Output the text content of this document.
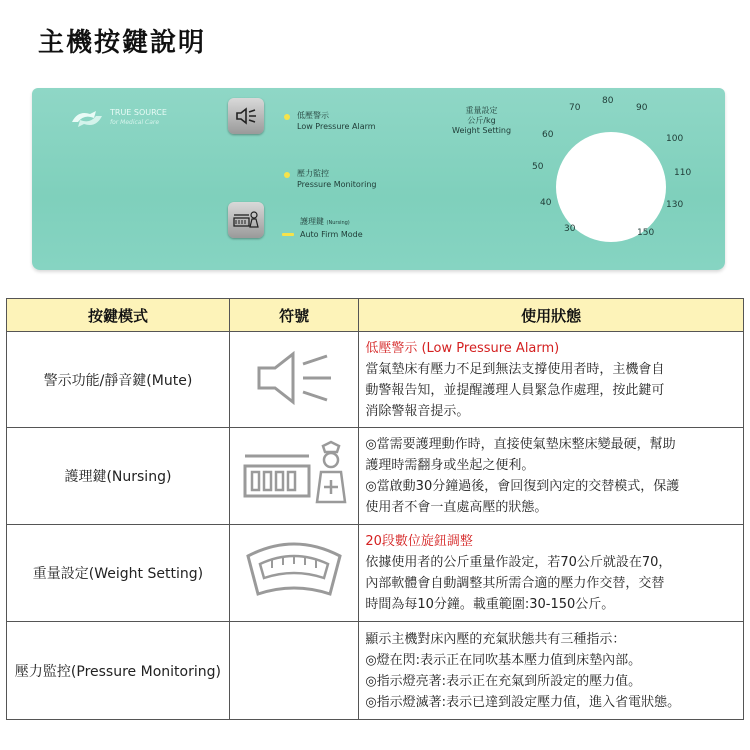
主機按鍵說明
TRUE SOURCE
for Medical Care
低壓警示
Low Pressure Alarm
壓力監控
Pressure Monitoring
護理鍵 (Nursing)
Auto Firm Mode
重量設定
公斤/kg
Weight Setting
30
40
50
60
70
80
90
100
110
130
150
按鍵模式	符號	使用狀態
警示功能/靜音鍵(Mute)		低壓警示 (Low Pressure Alarm)
當氣墊床有壓力不足到無法支撐使用者時，主機會自
動警報告知，並提醒護理人員緊急作處理，按此鍵可
消除警報音提示。

護理鍵(Nursing)		◎當需要護理動作時，直接使氣墊床整床變最硬，幫助
護理時需翻身或坐起之便利。
◎當啟動30分鐘過後，會回復到內定的交替模式，保護
使用者不會一直處高壓的狀態。

重量設定(Weight Setting)		20段數位旋鈕調整
依據使用者的公斤重量作設定，若70公斤就設在70，
內部軟體會自動調整其所需合適的壓力作交替，交替
時間為每10分鐘。載重範圍:30-150公斤。

壓力監控(Pressure Monitoring)		顯示主機對床內壓的充氣狀態共有三種指示：
◎燈在閃:表示正在同吹基本壓力值到床墊內部。
◎指示燈亮著:表示正在充氣到所設定的壓力值。
◎指示燈滅著:表示已達到設定壓力值，進入省電狀態。
